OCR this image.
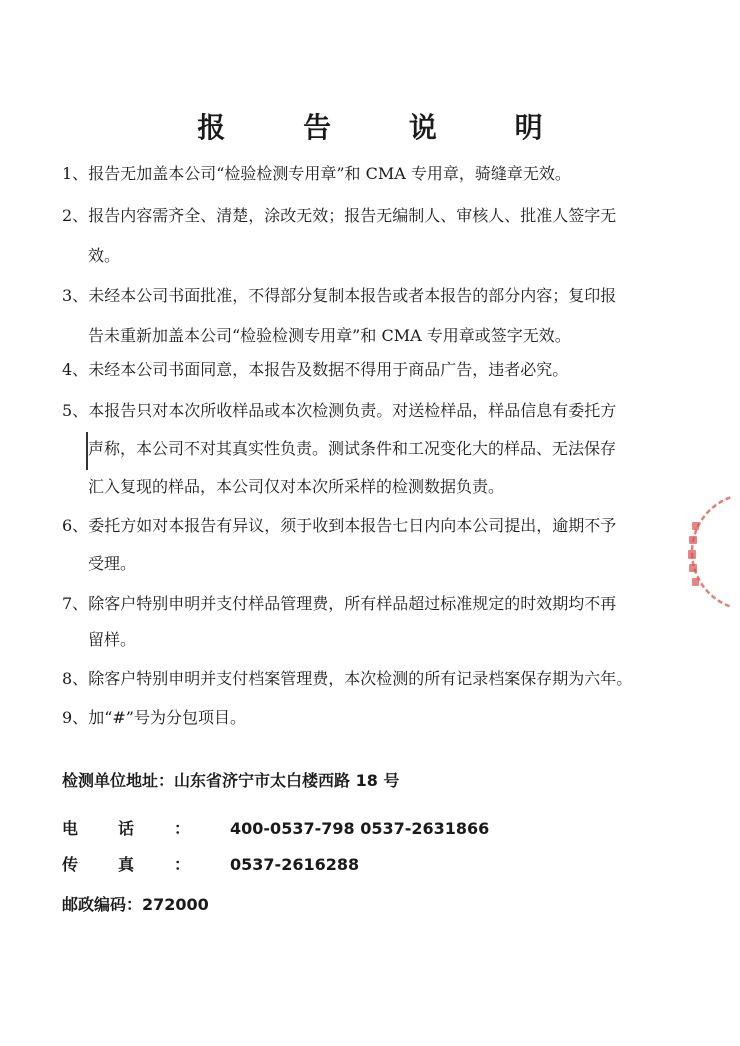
报 告 说 明
1、报告无加盖本公司“检验检测专用章”和 CMA 专用章，骑缝章无效。
2、报告内容需齐全、清楚，涂改无效；报告无编制人、审核人、批准人签字无
效。
3、未经本公司书面批准，不得部分复制本报告或者本报告的部分内容；复印报
告未重新加盖本公司“检验检测专用章”和 CMA 专用章或签字无效。
4、未经本公司书面同意，本报告及数据不得用于商品广告，违者必究。
5、本报告只对本次所收样品或本次检测负责。对送检样品，样品信息有委托方
声称，本公司不对其真实性负责。测试条件和工况变化大的样品、无法保存
汇入复现的样品，本公司仅对本次所采样的检测数据负责。
6、委托方如对本报告有异议，须于收到本报告七日内向本公司提出，逾期不予
受理。
7、除客户特别申明并支付样品管理费，所有样品超过标准规定的时效期均不再
留样。
8、除客户特别申明并支付档案管理费，本次检测的所有记录档案保存期为六年。
9、加“#”号为分包项目。
检测单位地址：山东省济宁市太白楼西路 18 号
电话：400-0537-798 0537-2631866
传真：0537-2616288
邮政编码：272000
